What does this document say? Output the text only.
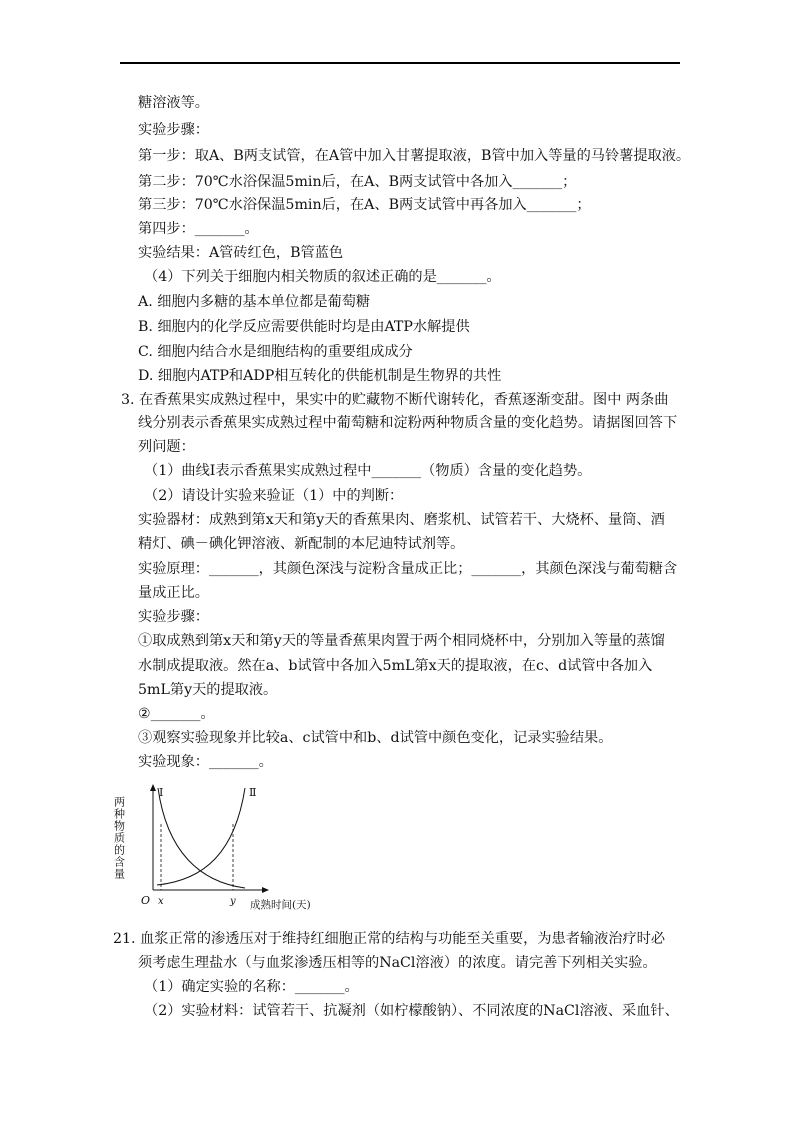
糖溶液等。
实验步骤：
第一步：取A、B两支试管，在A管中加入甘薯提取液，B管中加入等量的马铃薯提取液。
第二步：70℃水浴保温5min后，在A、B两支试管中各加入_______；
第三步：70℃水浴保温5min后，在A、B两支试管中再各加入_______；
第四步：_______。
实验结果：A管砖红色，B管蓝色
（4）下列关于细胞内相关物质的叙述正确的是_______。
A. 细胞内多糖的基本单位都是葡萄糖
B. 细胞内的化学反应需要供能时均是由ATP水解提供
C. 细胞内结合水是细胞结构的重要组成成分
D. 细胞内ATP和ADP相互转化的供能机制是生物界的共性
3. 在香蕉果实成熟过程中，果实中的贮藏物不断代谢转化，香蕉逐渐变甜。图中 两条曲
线分别表示香蕉果实成熟过程中葡萄糖和淀粉两种物质含量的变化趋势。请据图回答下
列问题：
（1）曲线Ⅰ表示香蕉果实成熟过程中_______（物质）含量的变化趋势。
（2）请设计实验来验证（1）中的判断：
实验器材：成熟到第x天和第y天的香蕉果肉、磨浆机、试管若干、大烧杯、量筒、酒
精灯、碘－碘化钾溶液、新配制的本尼迪特试剂等。
实验原理：_______，其颜色深浅与淀粉含量成正比；_______，其颜色深浅与葡萄糖含
量成正比。
实验步骤：
①取成熟到第x天和第y天的等量香蕉果肉置于两个相同烧杯中，分别加入等量的蒸馏
水制成提取液。然在a、b试管中各加入5mL第x天的提取液，在c、d试管中各加入
5mL第y天的提取液。
②_______。
③观察实验现象并比较a、c试管中和b、d试管中颜色变化，记录实验结果。
实验现象：_______。
两种物质的含量
Ⅰ	Ⅱ
O x	y 成熟时间(天)
21. 血浆正常的渗透压对于维持红细胞正常的结构与功能至关重要，为患者输液治疗时必
须考虑生理盐水（与血浆渗透压相等的NaCl溶液）的浓度。请完善下列相关实验。
（1）确定实验的名称：_______。
（2）实验材料：试管若干、抗凝剂（如柠檬酸钠）、不同浓度的NaCl溶液、采血针、
